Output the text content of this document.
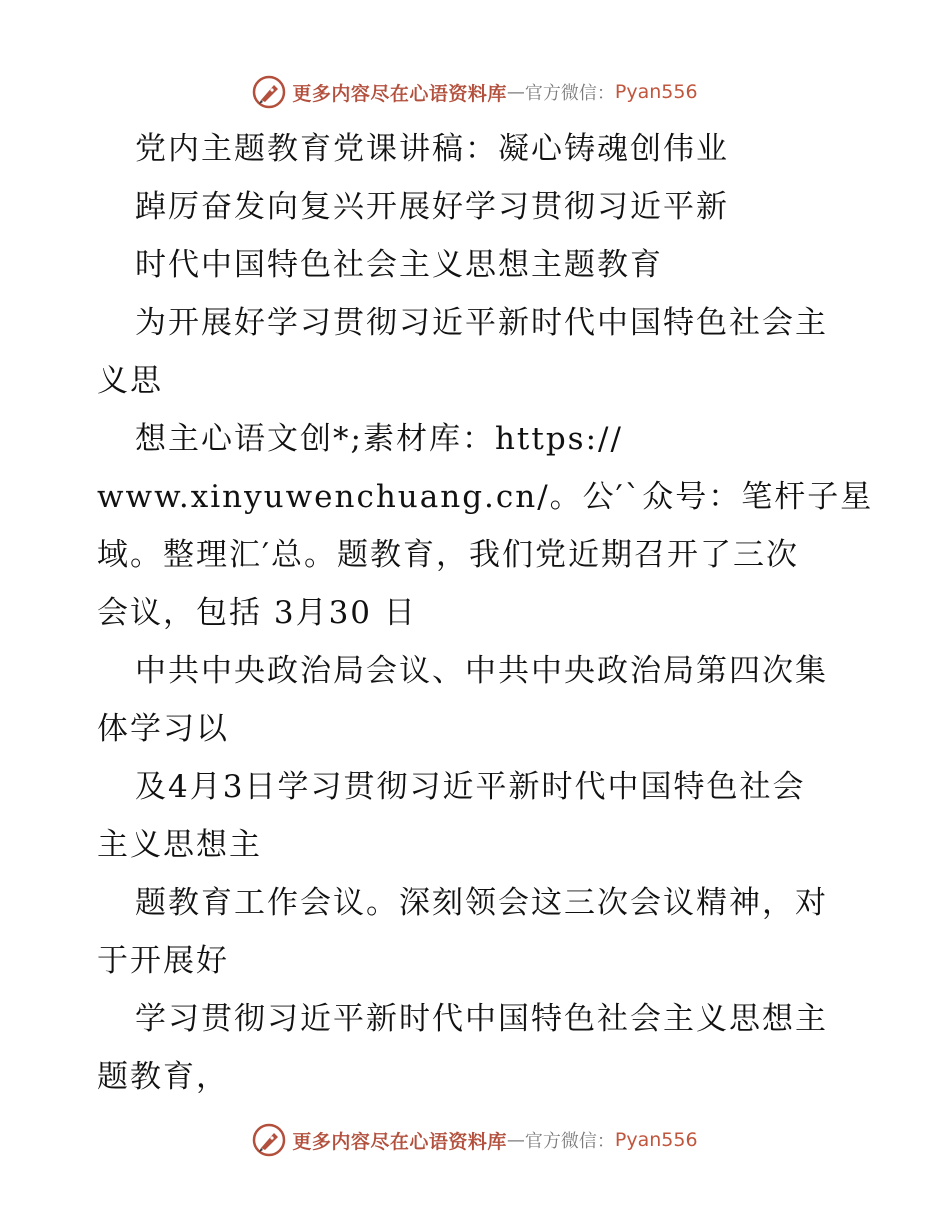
更多内容尽在心语资料库 — 官方微信： Pyan556
党内主题教育党课讲稿：凝心铸魂创伟业
踔厉奋发向复兴开展好学习贯彻习近平新
时代中国特色社会主义思想主题教育
为开展好学习贯彻习近平新时代中国特色社会主
义思
想主心语文创*;素材库：https://
www.xinyuwenchuang.cn/。公′`众号：笔杆子星
域。整理汇′总。题教育，我们党近期召开了三次
会议，包括 3月30 日
中共中央政治局会议、中共中央政治局第四次集
体学习以
及4月3日学习贯彻习近平新时代中国特色社会
主义思想主
题教育工作会议。深刻领会这三次会议精神，对
于开展好
学习贯彻习近平新时代中国特色社会主义思想主
题教育，
更多内容尽在心语资料库 — 官方微信： Pyan556
